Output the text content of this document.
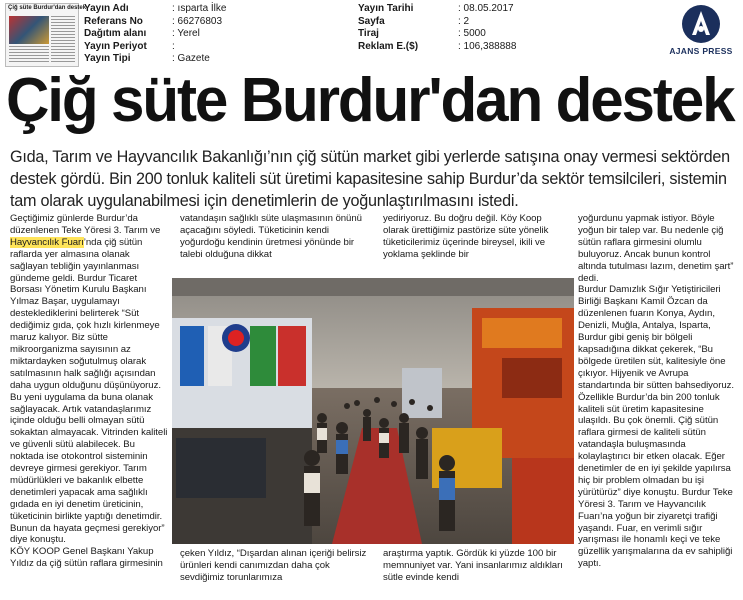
Çiğ süte Burdur'dan destek
Yayın Adı	: ısparta İlke
Referans No	: 66276803
Dağıtım alanı	: Yerel
Yayın Periyot	:
Yayın Tipi	: Gazete
Yayın Tarihi	: 08.05.2017
Sayfa	: 2
Tiraj	: 5000
Reklam E.($)	: 106,388888	AJANS PRESS
Çiğ süte Burdur'dan destek
Gıda, Tarım ve Hayvancılık Bakanlığı’nın çiğ sütün market gibi yerlerde satışına onay vermesi sektörden destek gördü. Bin 200 tonluk kaliteli süt üretimi kapasitesine sahip Burdur’da sektör temsilcileri, sistemin tam olarak uygulanabilmesi için denetimlerin de yoğunlaştırılmasını istedi.
Geçtiğimiz günlerde Burdur’da düzenlenen Teke Yöresi 3. Tarım ve Hayvancılık Fuarı’nda çiğ sütün raflarda yer almasına olanak sağlayan tebliğin yayınlanması gündeme geldi. Burdur Ticaret Borsası Yönetim Kurulu Başkanı Yılmaz Başar, uygulamayı desteklediklerini belirterek “Süt dediğimiz gıda, çok hızlı kirlenmeye maruz kalıyor. Biz sütte mikroorganizma sayısının az miktardayken soğutulmuş olarak satılmasının halk sağlığı açısından daha uygun olduğunu düşünüyoruz. Bu yeni uygulama da buna olanak sağlayacak. Artık vatandaşlarımız içinde olduğu belli olmayan sütü sokaktan almayacak. Vitrinden kaliteli ve güvenli sütü alabilecek. Bu noktada ise otokontrol sisteminin devreye girmesi gerekiyor. Tarım müdürlükleri ve bakanlık elbette denetimleri yapacak ama sağlıklı gıdada en iyi denetim üreticinin, tüketicinin birlikte yaptığı denetimdir. Bunun da hayata geçmesi gerekiyor” diye konuştu.
KÖY KOOP Genel Başkanı Yakup Yıldız da çiğ sütün raflara girmesinin
vatandaşın sağlıklı süte ulaşmasının önünü açacağını söyledi. Tüketicinin kendi yoğurdoğu kendinin üretmesi yönünde bir talebi olduğuna dikkat
yediriyoruz. Bu doğru değil. Köy Koop olarak ürettiğimiz pastörize süte yönelik tüketicilerimiz üçerinde bireysel, ikili ve yoklama şeklinde bir
yoğurdunu yapmak istiyor. Böyle yoğun bir talep var. Bu nedenle çiğ sütün raflara girmesini olumlu buluyoruz. Ancak bunun kontrol altında tutulması lazım, denetim şart” dedi.
Burdur Damızlık Sığır Yetiştiricileri Birliği Başkanı Kamil Özcan da düzenlenen fuarın Konya, Aydın, Denizli, Muğla, Antalya, Isparta, Burdur gibi geniş bir bölgeli kapsadığına dikkat çekerek, “Bu bölgede üretilen süt, kalitesiyle öne çıkıyor. Hijyenik ve Avrupa standartında bir sütten bahsediyoruz. Özellikle Burdur’da bin 200 tonluk kaliteli süt üretim kapasitesine ulaşıldı. Bu çok önemli. Çiğ sütün raflara girmesi de kaliteli sütün vatandaşla buluşmasında kolaylaştırıcı bir etken olacak. Eğer denetimler de en iyi şekilde yapılırsa hiç bir problem olmadan bu işi yürütürüz” diye konuştu. Burdur Teke Yöresi 3. Tarım ve Hayvancılık Fuarı’na yoğun bir ziyaretçi trafiği yaşandı. Fuar, en verimli sığır yarışması ile honamlı keçi ve teke güzellik yarışmalarına da ev sahipliği yaptı.
çeken Yıldız, “Dışardan alınan içeriği belirsiz ürünleri kendi canımızdan daha çok sevdiğimiz torunlarımıza
araştırma yaptık. Gördük ki yüzde 100 bir memnuniyet var. Yani insanlarımız aldıkları sütle evinde kendi
